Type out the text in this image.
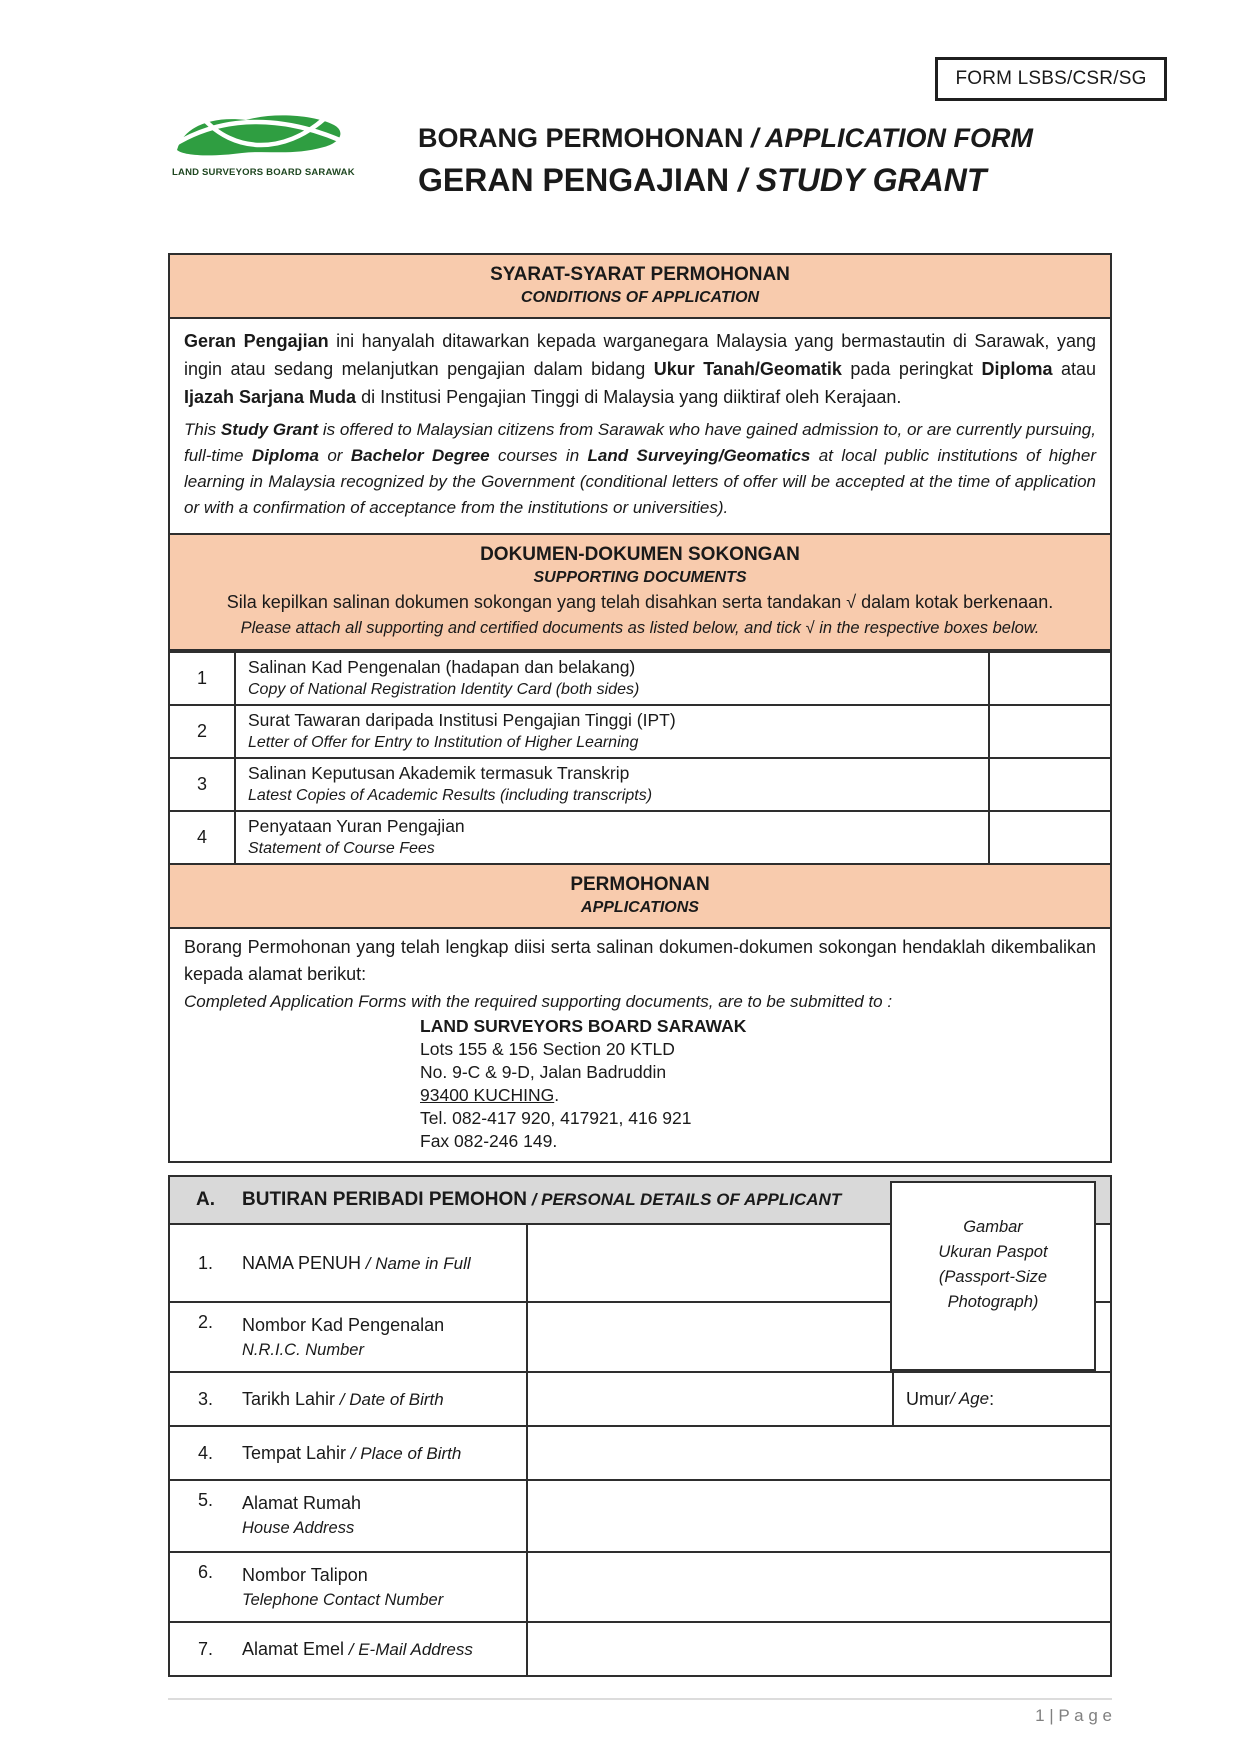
FORM LSBS/CSR/SG
LAND SURVEYORS BOARD SARAWAK
BORANG PERMOHONAN / APPLICATION FORM
GERAN PENGAJIAN / STUDY GRANT
SYARAT-SYARAT PERMOHONAN
CONDITIONS OF APPLICATION

Geran Pengajian ini hanyalah ditawarkan kepada warganegara Malaysia yang bermastautin di Sarawak, yang ingin atau sedang melanjutkan pengajian dalam bidang Ukur Tanah/Geomatik pada peringkat Diploma atau Ijazah Sarjana Muda di Institusi Pengajian Tinggi di Malaysia yang diiktiraf oleh Kerajaan.

This Study Grant is offered to Malaysian citizens from Sarawak who have gained admission to, or are currently pursuing, full-time Diploma or Bachelor Degree courses in Land Surveying/Geomatics at local public institutions of higher learning in Malaysia recognized by the Government (conditional letters of offer will be accepted at the time of application or with a confirmation of acceptance from the institutions or universities).

DOKUMEN-DOKUMEN SOKONGAN
SUPPORTING DOCUMENTS
Sila kepilkan salinan dokumen sokongan yang telah disahkan serta tandakan √ dalam kotak berkenaan.
Please attach all supporting and certified documents as listed below, and tick √ in the respective boxes below.
1
Salinan Kad Pengenalan (hadapan dan belakang)
Copy of National Registration Identity Card (both sides)
2
Surat Tawaran daripada Institusi Pengajian Tinggi (IPT)
Letter of Offer for Entry to Institution of Higher Learning
3
Salinan Keputusan Akademik termasuk Transkrip
Latest Copies of Academic Results (including transcripts)
4
Penyataan Yuran Pengajian
Statement of Course Fees
PERMOHONAN
APPLICATIONS
Borang Permohonan yang telah lengkap diisi serta salinan dokumen-dokumen sokongan hendaklah dikembalikan kepada alamat berikut:
Completed Application Forms with the required supporting documents, are to be submitted to :
LAND SURVEYORS BOARD SARAWAK
Lots 155 & 156 Section 20 KTLD
No. 9-C & 9-D, Jalan Badruddin
93400 KUCHING.
Tel. 082-417 920, 417921, 416 921
Fax 082-246 149.
A.	BUTIRAN PERIBADI PEMOHON / PERSONAL DETAILS OF APPLICANT
Gambar
Ukuran Paspot
(Passport-Size
Photograph)
1.	NAMA PENUH / Name in Full
2.	Nombor Kad Pengenalan
N.R.I.C. Number
3.	Tarikh Lahir / Date of Birth	Umur / Age :
4.	Tempat Lahir / Place of Birth
5.	Alamat Rumah
House Address
6.	Nombor Talipon
Telephone Contact Number
7.	Alamat Emel / E-Mail Address
1 | P a g e
